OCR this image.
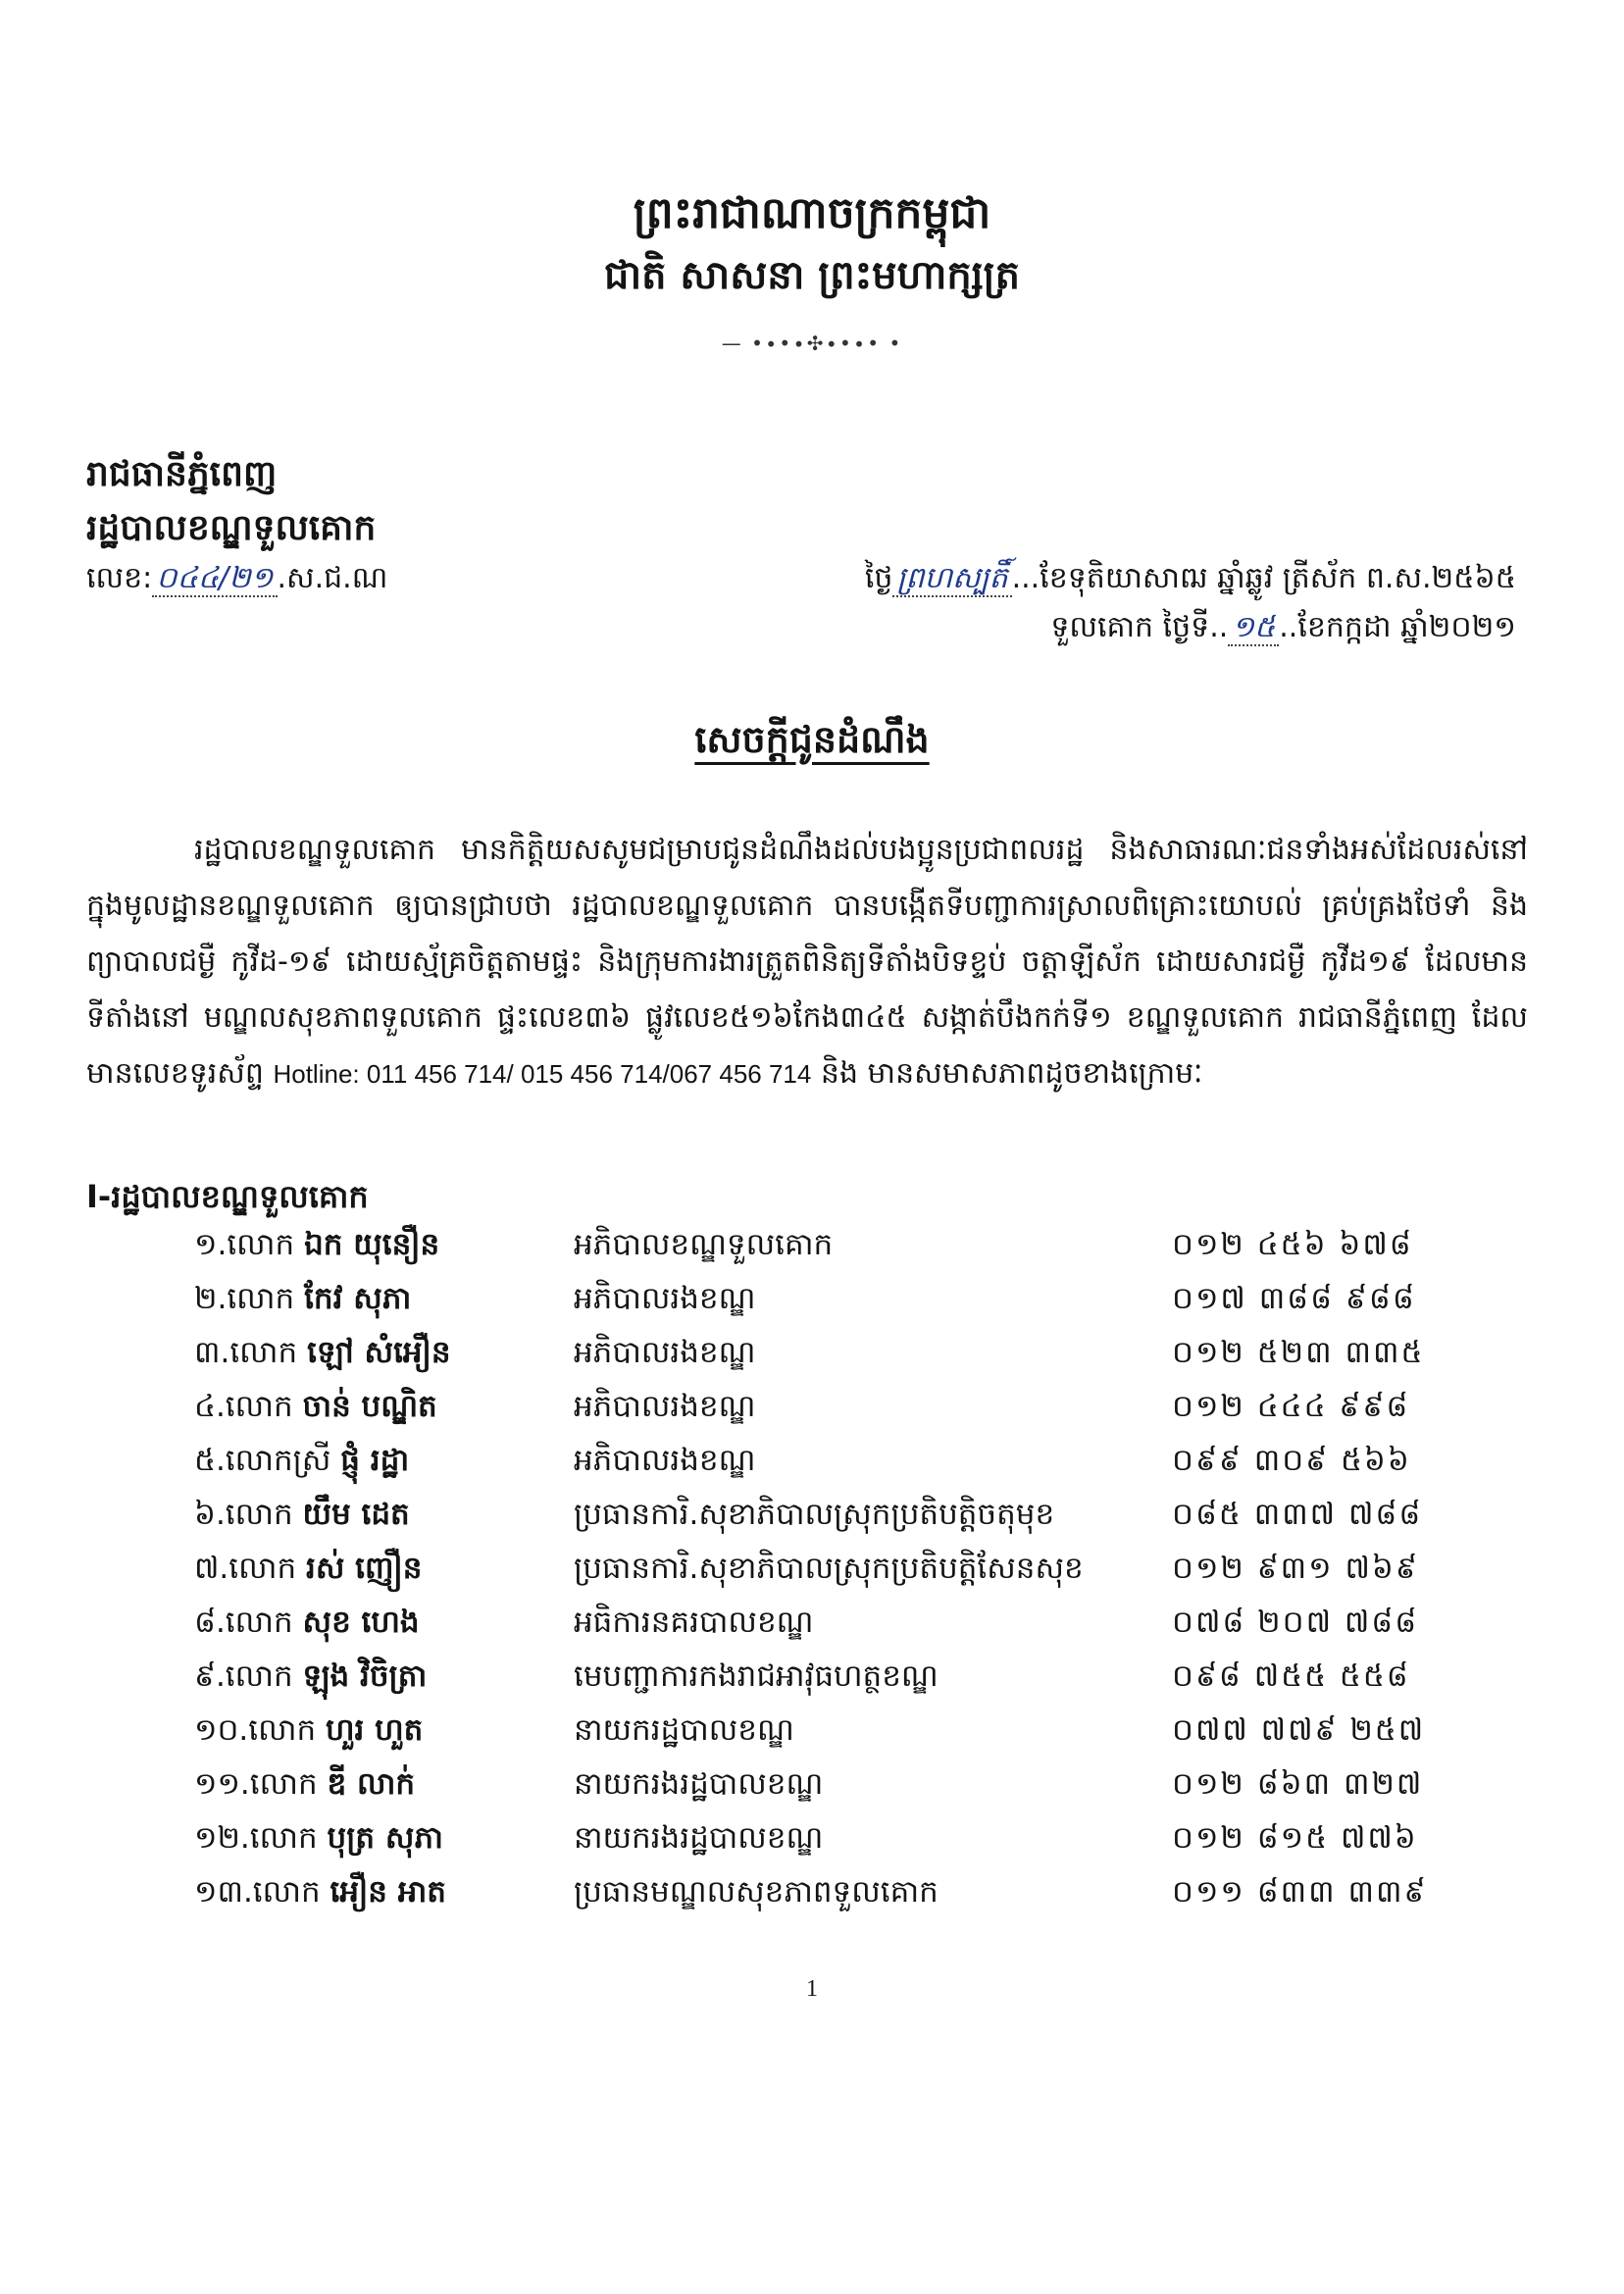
ព្រះរាជាណាចក្រកម្ពុជា
ជាតិ សាសនា ព្រះមហាក្សត្រ
— •∙•∙✣∙•∙• •
រាជធានីភ្នំពេញ
រដ្ឋបាលខណ្ឌទួលគោក
លេខ: ០៤៤/២១ .ស.ជ.ណ	ថ្ងៃ ព្រហស្បតិ៍ ...ខែទុតិយាសាឍ ឆ្នាំឆ្លូវ ត្រីស័ក ព.ស.២៥៦៥
ទួលគោក ថ្ងៃទី.. ១៥ ..ខែកក្កដា ឆ្នាំ២០២១
សេចក្តីជូនដំណឹង

រដ្ឋបាលខណ្ឌទួលគោក មានកិត្តិយសសូមជម្រាបជូនដំណឹងដល់បងប្អូនប្រជាពលរដ្ឋ និងសាធារណៈជនទាំងអស់ដែលរស់នៅក្នុងមូលដ្ឋានខណ្ឌទួលគោក ឲ្យបានជ្រាបថា រដ្ឋបាលខណ្ឌទួលគោក បានបង្កើតទីបញ្ជាការស្រាលពិគ្រោះយោបល់ គ្រប់គ្រងថែទាំ និងព្យាបាលជម្ងឺ កូវីដ-១៩ ដោយស្ម័គ្រចិត្តតាមផ្ទះ និងក្រុមការងារត្រួតពិនិត្យទីតាំងបិទខ្ទប់ ចត្តាឡីស័ក ដោយសារជម្ងឺ កូវីដ១៩ ដែលមានទីតាំងនៅ មណ្ឌលសុខភាពទួលគោក ផ្ទះលេខ៣៦ ផ្លូវលេខ៥១៦កែង៣៤៥ សង្កាត់បឹងកក់ទី១ ខណ្ឌទួលគោក រាជធានីភ្នំពេញ ដែលមានលេខទូរស័ព្ទ Hotline: 011 456 714/ 015 456 714/067 456 714 និង មានសមាសភាពដូចខាងក្រោមៈ

I-រដ្ឋបាលខណ្ឌទួលគោក
១.លោក ឯក យុនឿន	អភិបាលខណ្ឌទួលគោក	០១២ ៤៥៦ ៦៧៨
២.លោក កែវ សុភា	អភិបាលរងខណ្ឌ	០១៧ ៣៨៨ ៩៨៨
៣.លោក ឡៅ សំអឿន	អភិបាលរងខណ្ឌ	០១២ ៥២៣ ៣៣៥
៤.លោក ចាន់ បណ្ឌិត	អភិបាលរងខណ្ឌ	០១២ ៤៤៤ ៩៩៨
៥.លោកស្រី ផ្ញុំ រដ្ឋា	អភិបាលរងខណ្ឌ	០៩៩ ៣០៩ ៥៦៦
៦.លោក យឹម ដេត	ប្រធានការិ.សុខាភិបាលស្រុកប្រតិបត្តិចតុមុខ	០៨៥ ៣៣៧ ៧៨៨
៧.លោក រស់ ញឿន	ប្រធានការិ.សុខាភិបាលស្រុកប្រតិបត្តិសែនសុខ	០១២ ៩៣១ ៧៦៩
៨.លោក សុខ ហេង	អធិការនគរបាលខណ្ឌ	០៧៨ ២០៧ ៧៨៨
៩.លោក ឡុង វិចិត្រា	មេបញ្ជាការកងរាជអាវុធហត្ថខណ្ឌ	០៩៨ ៧៥៥ ៥៥៨
១០.លោក ហួរ ហួត	នាយករដ្ឋបាលខណ្ឌ	០៧៧ ៧៧៩ ២៥៧
១១.លោក ឌី លាក់	នាយករងរដ្ឋបាលខណ្ឌ	០១២ ៨៦៣ ៣២៧
១២.លោក បុត្រ សុភា	នាយករងរដ្ឋបាលខណ្ឌ	០១២ ៨១៥ ៧៧៦
១៣.លោក អឿន អាត	ប្រធានមណ្ឌលសុខភាពទួលគោក	០១១ ៨៣៣ ៣៣៩
1
